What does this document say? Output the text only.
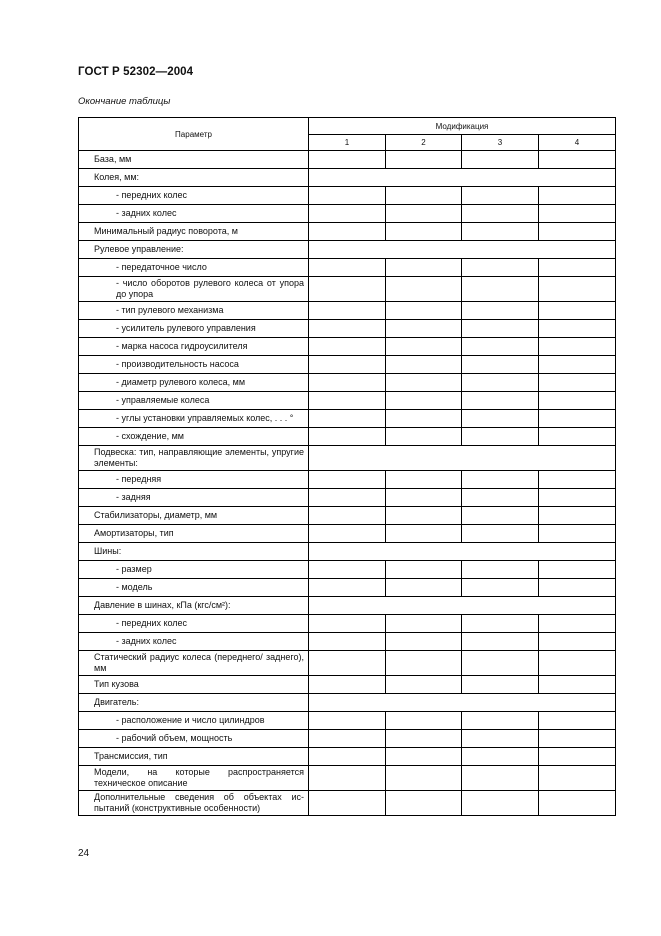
ГОСТ Р 52302—2004
Окончание таблицы
Параметр	Модификация			
	1	2	3	4
База, мм				
Колея, мм:				
- передних колес				
- задних колес				
Минимальный радиус поворота, м				
Рулевое управление:				
- передаточное число				
- число оборотов рулевого колеса от упора до упора				
- тип рулевого механизма				
- усилитель рулевого управления				
- марка насоса гидроусилителя				
- производительность насоса				
- диаметр рулевого колеса, мм				
- управляемые колеса				
- углы установки управляемых колес, . . . °				
- схождение, мм				
Подвеска: тип, направляющие элементы, упругие элементы:				
- передняя				
- задняя				
Стабилизаторы, диаметр, мм				
Амортизаторы, тип				
Шины:				
- размер				
- модель				
Давление в шинах, кПа (кгс/см²):				
- передних колес				
- задних колес				
Статический радиус колеса (переднего/ заднего), мм				
Тип кузова				
Двигатель:				
- расположение и число цилиндров				
- рабочий объем, мощность				
Трансмиссия, тип				
Модели, на которые распространяется техническое описание				
Дополнительные сведения об объектах ис-пытаний (конструктивные особенности)				
24
